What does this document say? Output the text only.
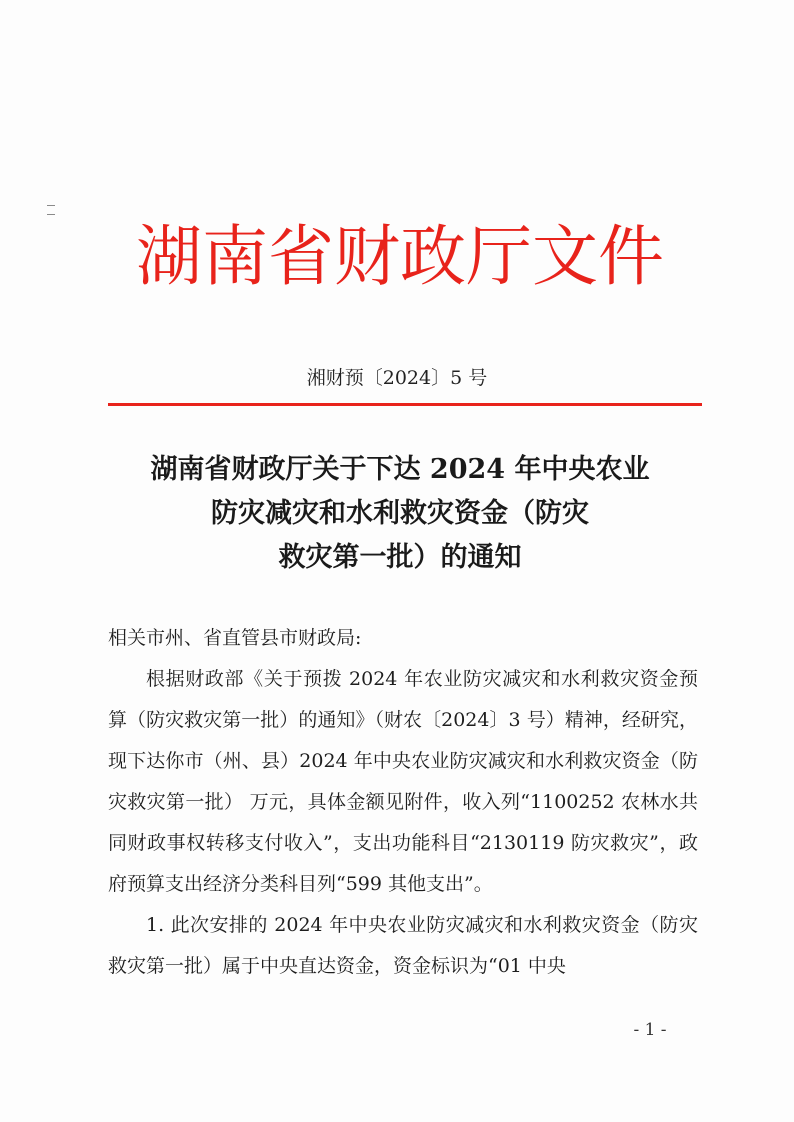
湖南省财政厅文件
湘财预〔2024〕5 号
湖南省财政厅关于下达 2024 年中央农业
防灾减灾和水利救灾资金（防灾
救灾第一批）的通知

相关市州、省直管县市财政局:

根据财政部《关于预拨 2024 年农业防灾减灾和水利救灾资金预算（防灾救灾第一批）的通知》（财农〔2024〕3 号）精神，经研究，现下达你市（州、县）2024 年中央农业防灾减灾和水利救灾资金（防灾救灾第一批） 万元，具体金额见附件，收入列“1100252 农林水共同财政事权转移支付收入”，支出功能科目“2130119 防灾救灾”，政府预算支出经济分类科目列“599 其他支出”。

1. 此次安排的 2024 年中央农业防灾减灾和水利救灾资金（防灾救灾第一批）属于中央直达资金，资金标识为“01 中央

- 1 -
